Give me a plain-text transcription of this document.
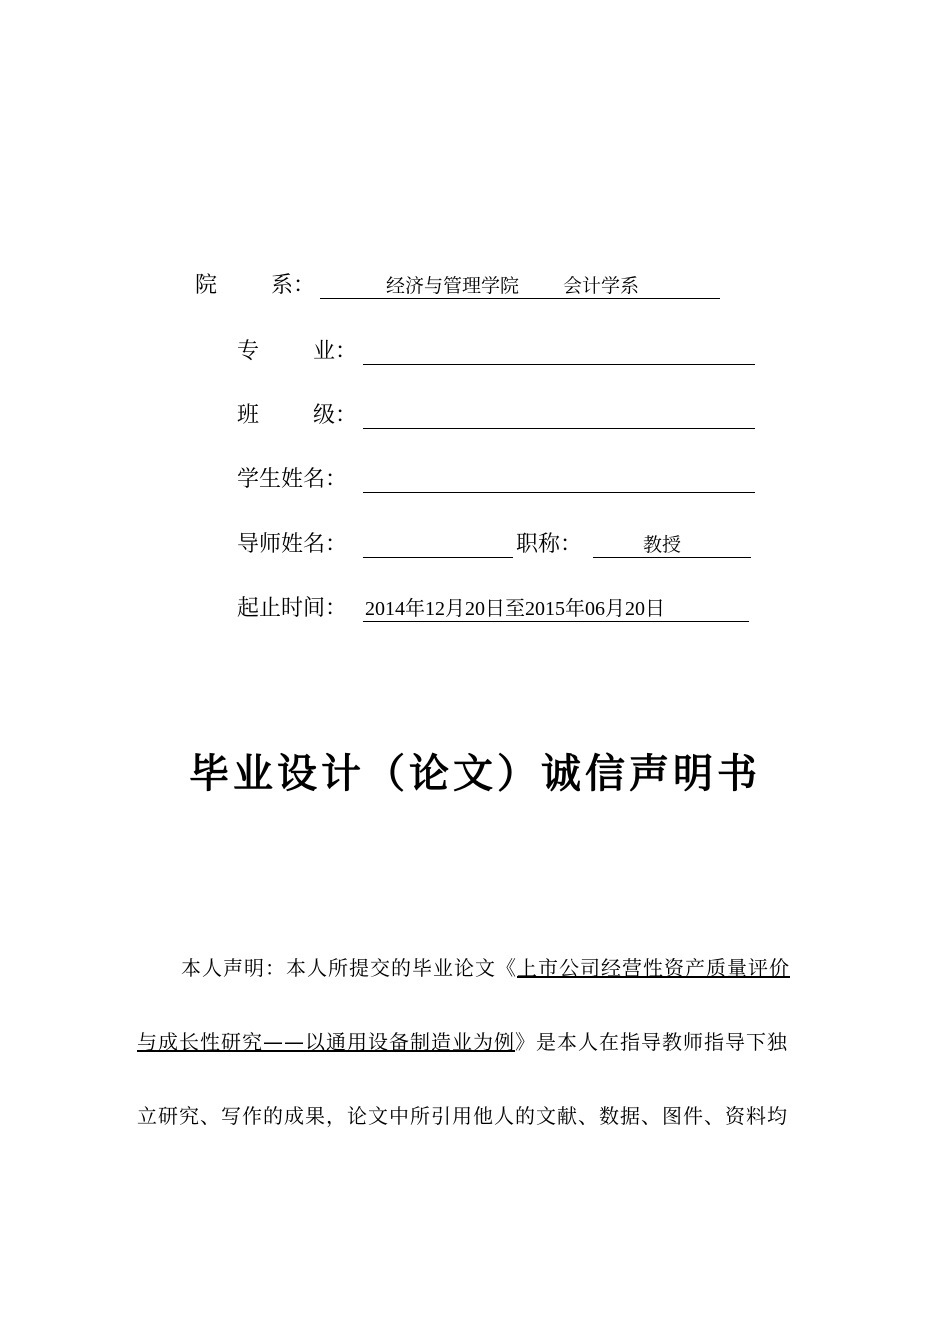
院 系：	经济与管理学院 会计学系
专 业：
班 级：
学生姓名：
导师姓名：	职称：	教授
起止时间： 2014年12月20日至2015年06月20日
毕业设计（论文）诚信声明书
本人声明：本人所提交的毕业论文《上市公司经营性资产质量评价
与成长性研究——以通用设备制造业为例》是本人在指导教师指导下独
立研究、写作的成果，论文中所引用他人的文献、数据、图件、资料均
